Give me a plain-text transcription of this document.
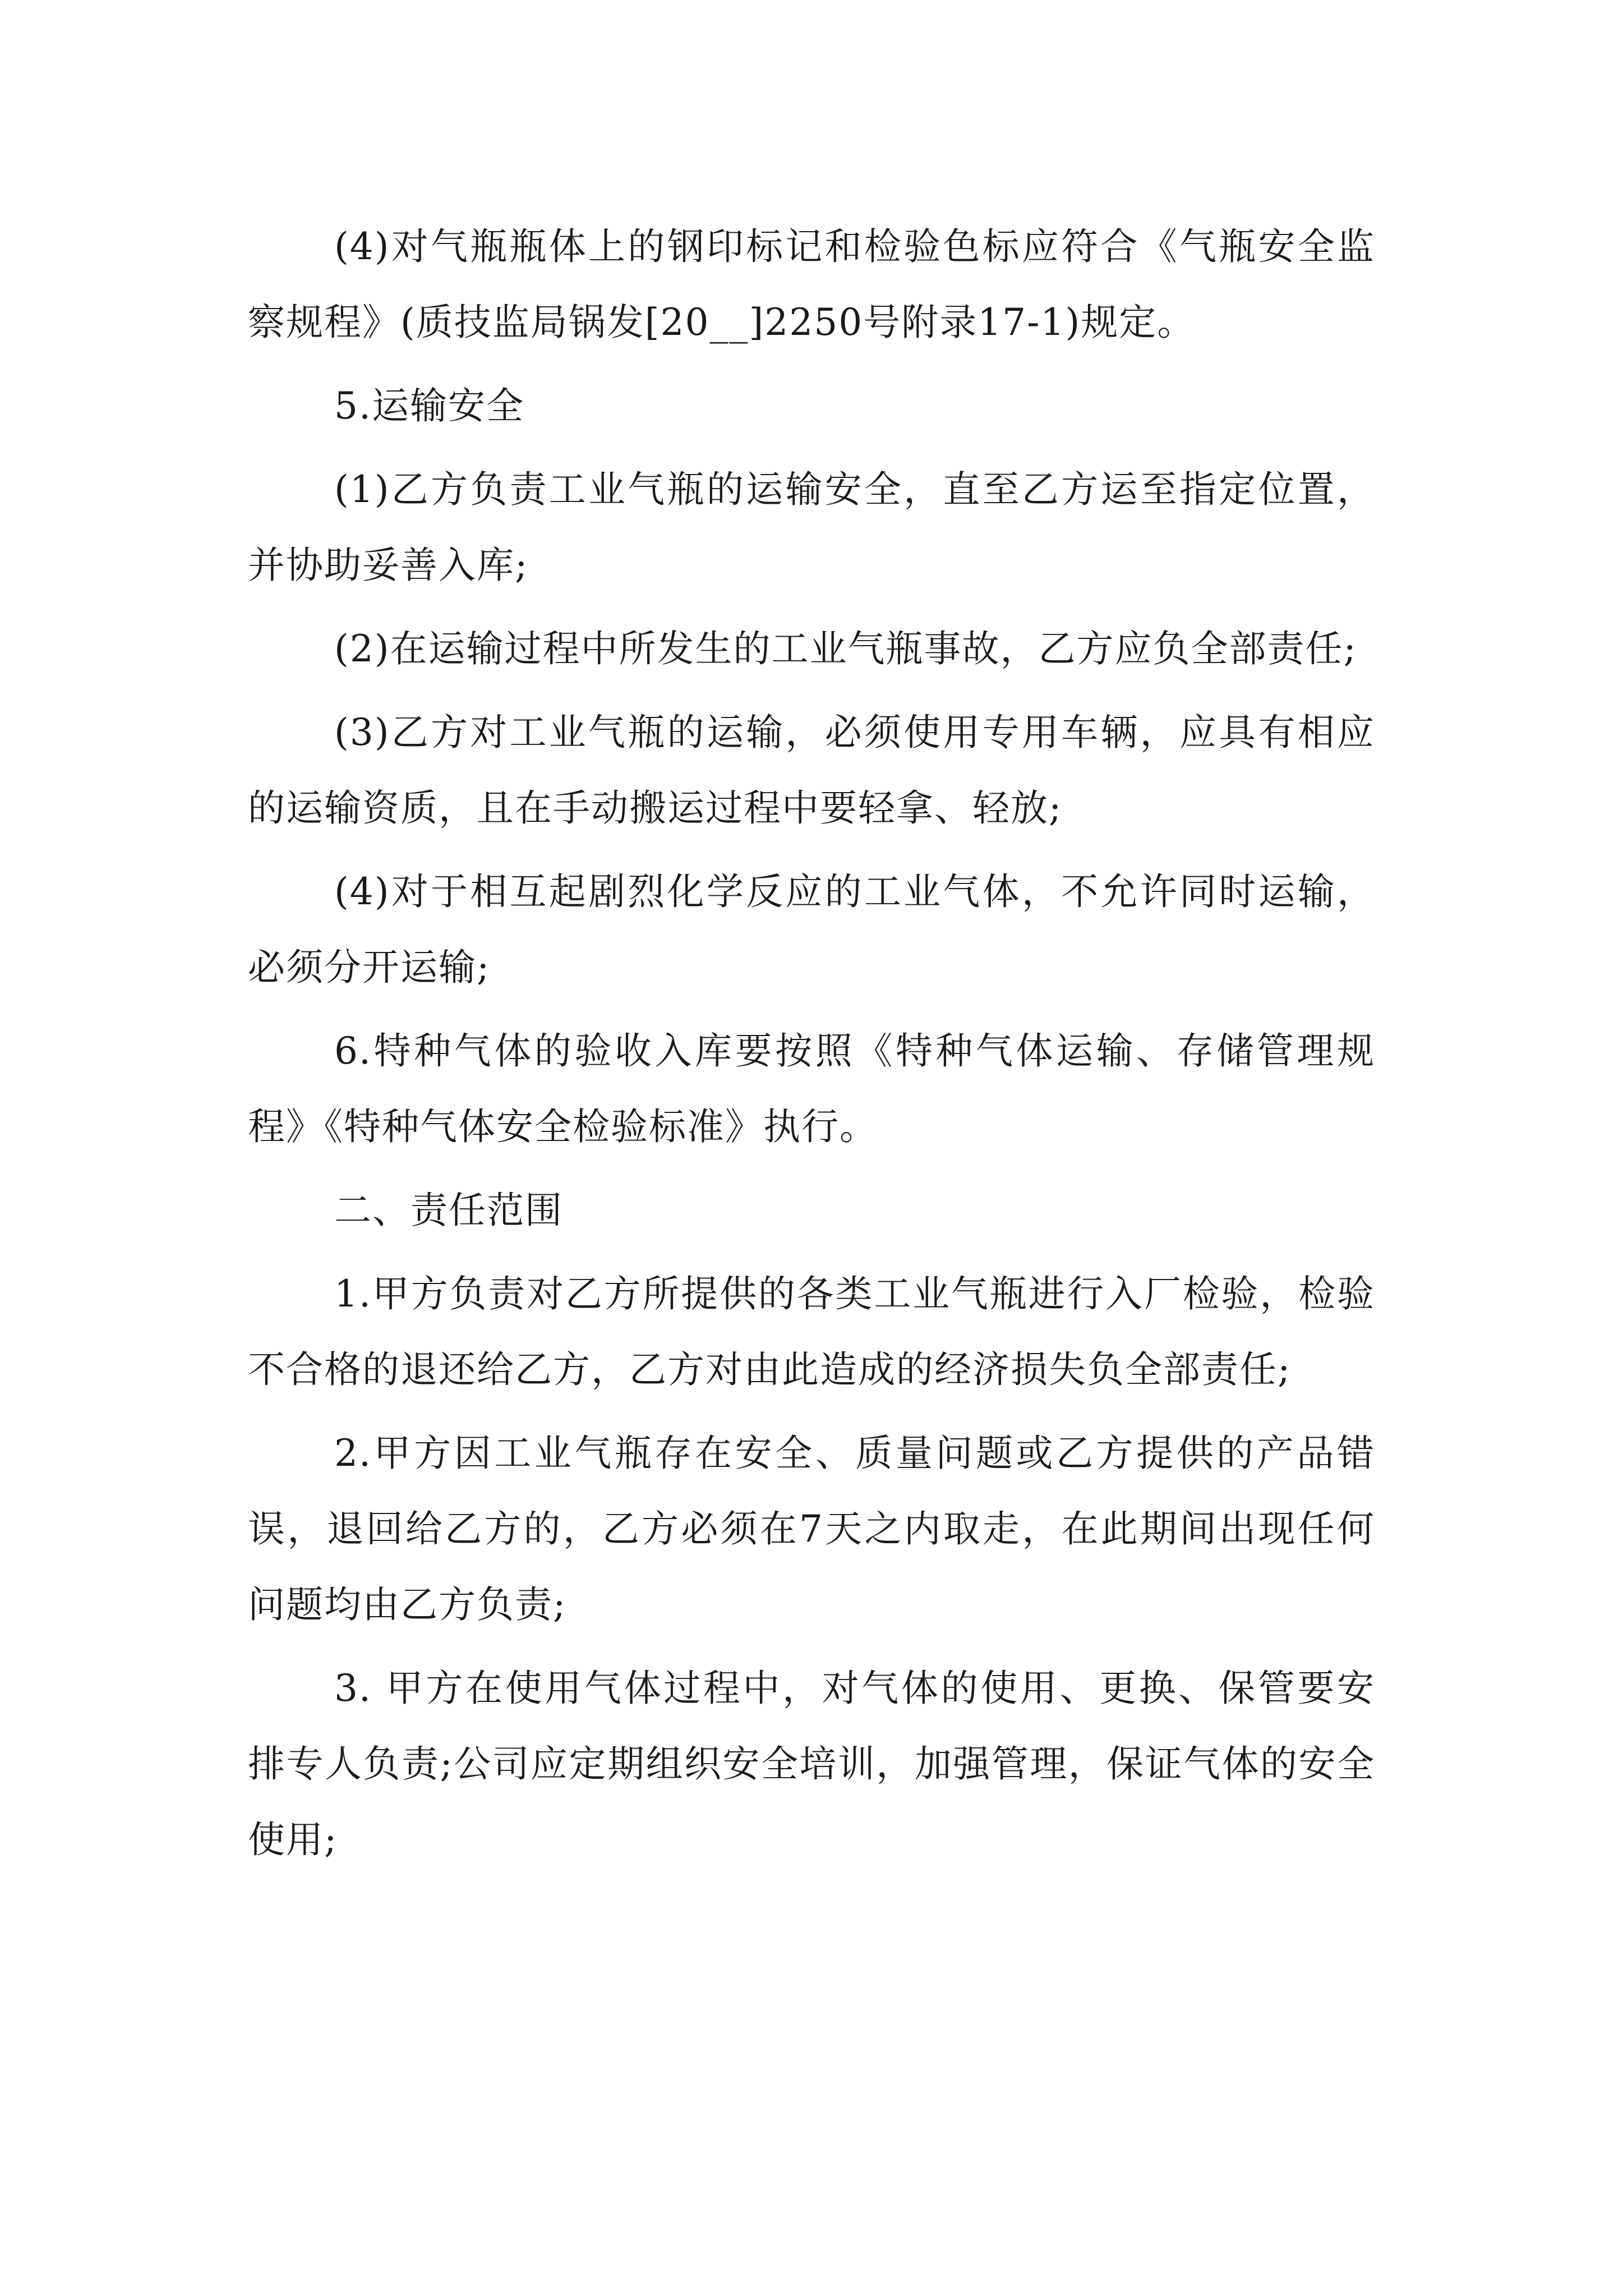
(4)对气瓶瓶体上的钢印标记和检验色标应符合《气瓶安全监察规程》(质技监局锅发[20__]2250号附录17-1)规定。

5.运输安全

(1)乙方负责工业气瓶的运输安全，直至乙方运至指定位置，并协助妥善入库;

(2)在运输过程中所发生的工业气瓶事故，乙方应负全部责任;

(3)乙方对工业气瓶的运输，必须使用专用车辆，应具有相应的运输资质，且在手动搬运过程中要轻拿、轻放;

(4)对于相互起剧烈化学反应的工业气体，不允许同时运输，必须分开运输;

6.特种气体的验收入库要按照《特种气体运输、存储管理规程》《特种气体安全检验标准》执行。

二、责任范围

1.甲方负责对乙方所提供的各类工业气瓶进行入厂检验，检验不合格的退还给乙方，乙方对由此造成的经济损失负全部责任;

2.甲方因工业气瓶存在安全、质量问题或乙方提供的产品错误，退回给乙方的，乙方必须在7天之内取走，在此期间出现任何问题均由乙方负责;

3. 甲方在使用气体过程中，对气体的使用、更换、保管要安排专人负责;公司应定期组织安全培训，加强管理，保证气体的安全使用;
